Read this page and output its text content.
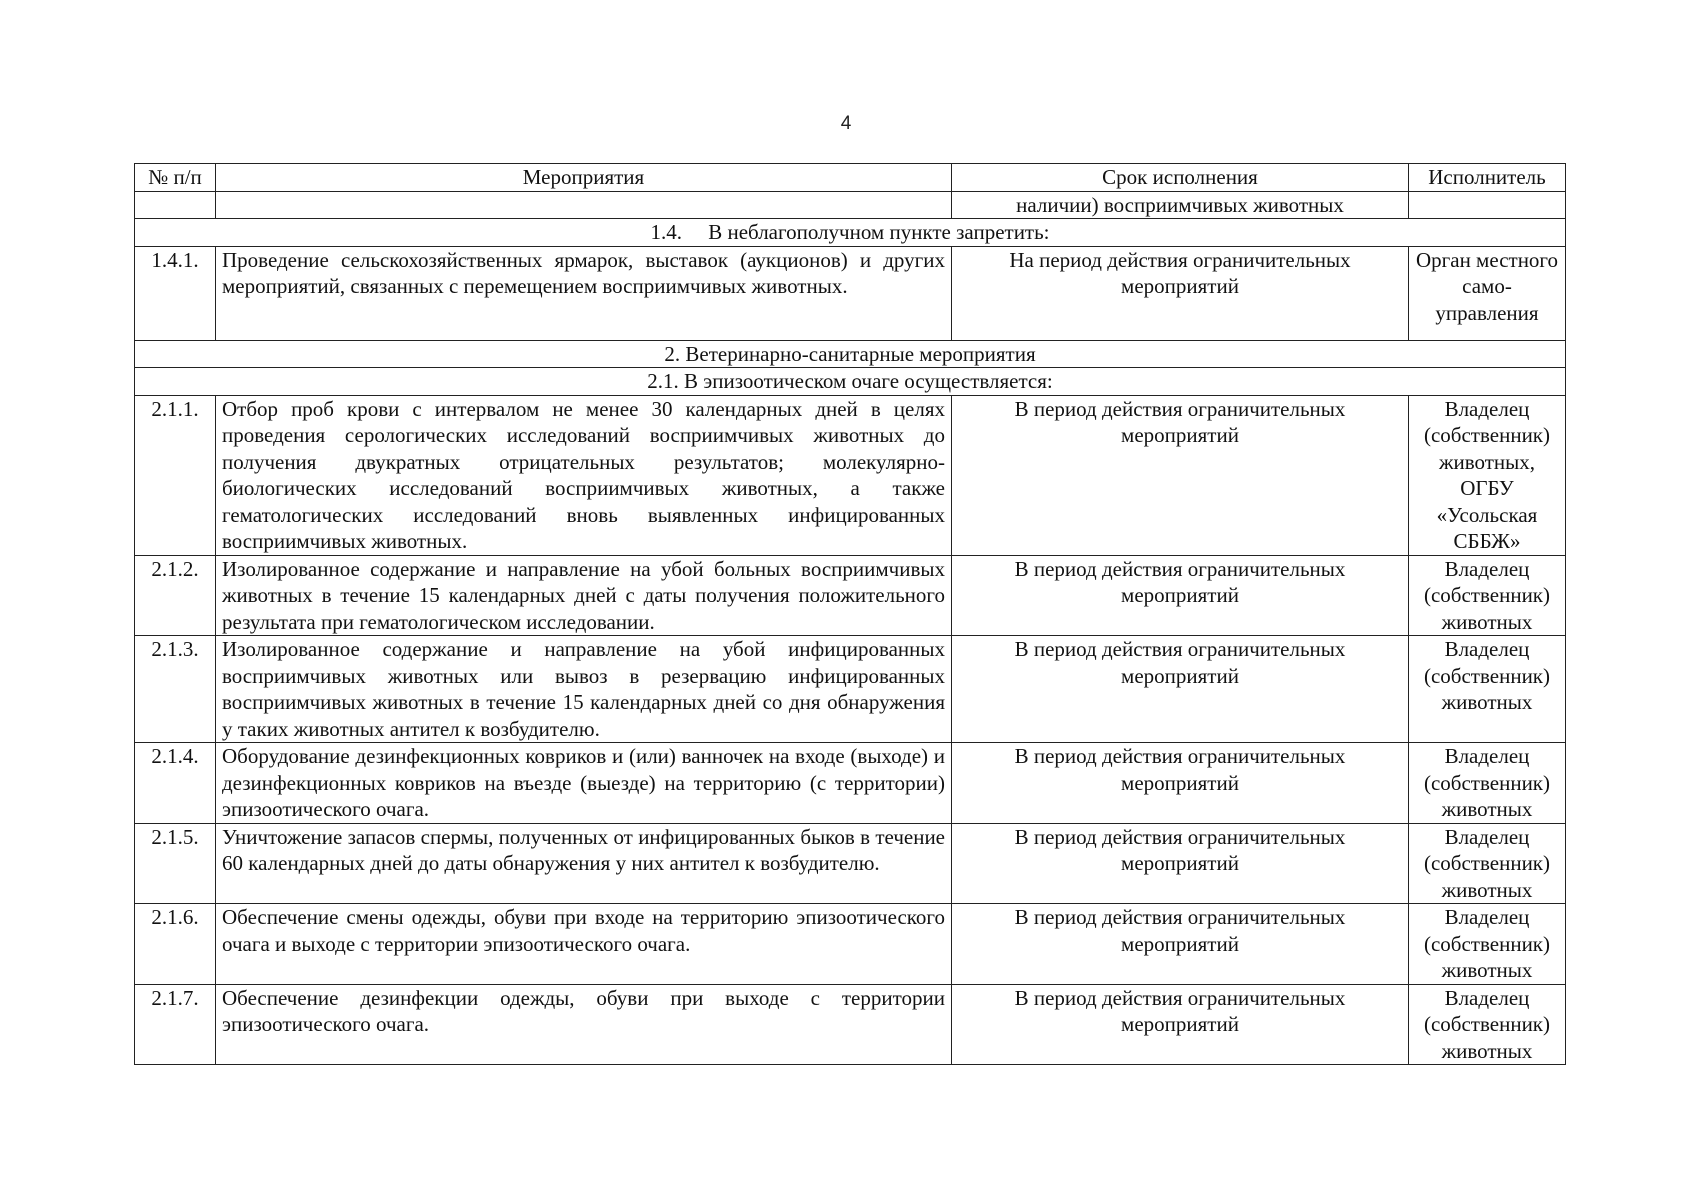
4
№ п/п	Мероприятия	Срок исполнения	Исполнитель
		наличии) восприимчивых животных	
1.4.     В неблагополучном пункте запретить:			
1.4.1.	Проведение сельскохозяйственных ярмарок, выставок (аукционов) и других мероприятий, связанных с перемещением восприимчивых животных.	На период действия ограничительных мероприятий	Орган местного само-управления
2. Ветеринарно-санитарные мероприятия			
2.1. В эпизоотическом очаге осуществляется:			
2.1.1.	Отбор проб крови с интервалом не менее 30 календарных дней в целях проведения серологических исследований восприимчивых животных до получения двукратных отрицательных результатов; молекулярно-биологических исследований восприимчивых животных, а также гематологических исследований вновь выявленных инфицированных восприимчивых животных.	В период действия ограничительных мероприятий	Владелец (собственник) животных, ОГБУ «Усольская СББЖ»
2.1.2.	Изолированное содержание и направление на убой больных восприимчивых животных в течение 15 календарных дней с даты получения положительного результата при гематологическом исследовании.	В период действия ограничительных мероприятий	Владелец (собственник) животных
2.1.3.	Изолированное содержание и направление на убой инфицированных восприимчивых животных или вывоз в резервацию инфицированных восприимчивых животных в течение 15 календарных дней со дня обнаружения у таких животных антител к возбудителю.	В период действия ограничительных мероприятий	Владелец (собственник) животных
2.1.4.	Оборудование дезинфекционных ковриков и (или) ванночек на входе (выходе) и дезинфекционных ковриков на въезде (выезде) на территорию (с территории) эпизоотического очага.	В период действия ограничительных мероприятий	Владелец (собственник) животных
2.1.5.	Уничтожение запасов спермы, полученных от инфицированных быков в течение 60 календарных дней до даты обнаружения у них антител к возбудителю.	В период действия ограничительных мероприятий	Владелец (собственник) животных
2.1.6.	Обеспечение смены одежды, обуви при входе на территорию эпизоотического очага и выходе с территории эпизоотического очага.	В период действия ограничительных мероприятий	Владелец (собственник) животных
2.1.7.	Обеспечение дезинфекции одежды, обуви при выходе с территории эпизоотического очага.	В период действия ограничительных мероприятий	Владелец (собственник) животных
